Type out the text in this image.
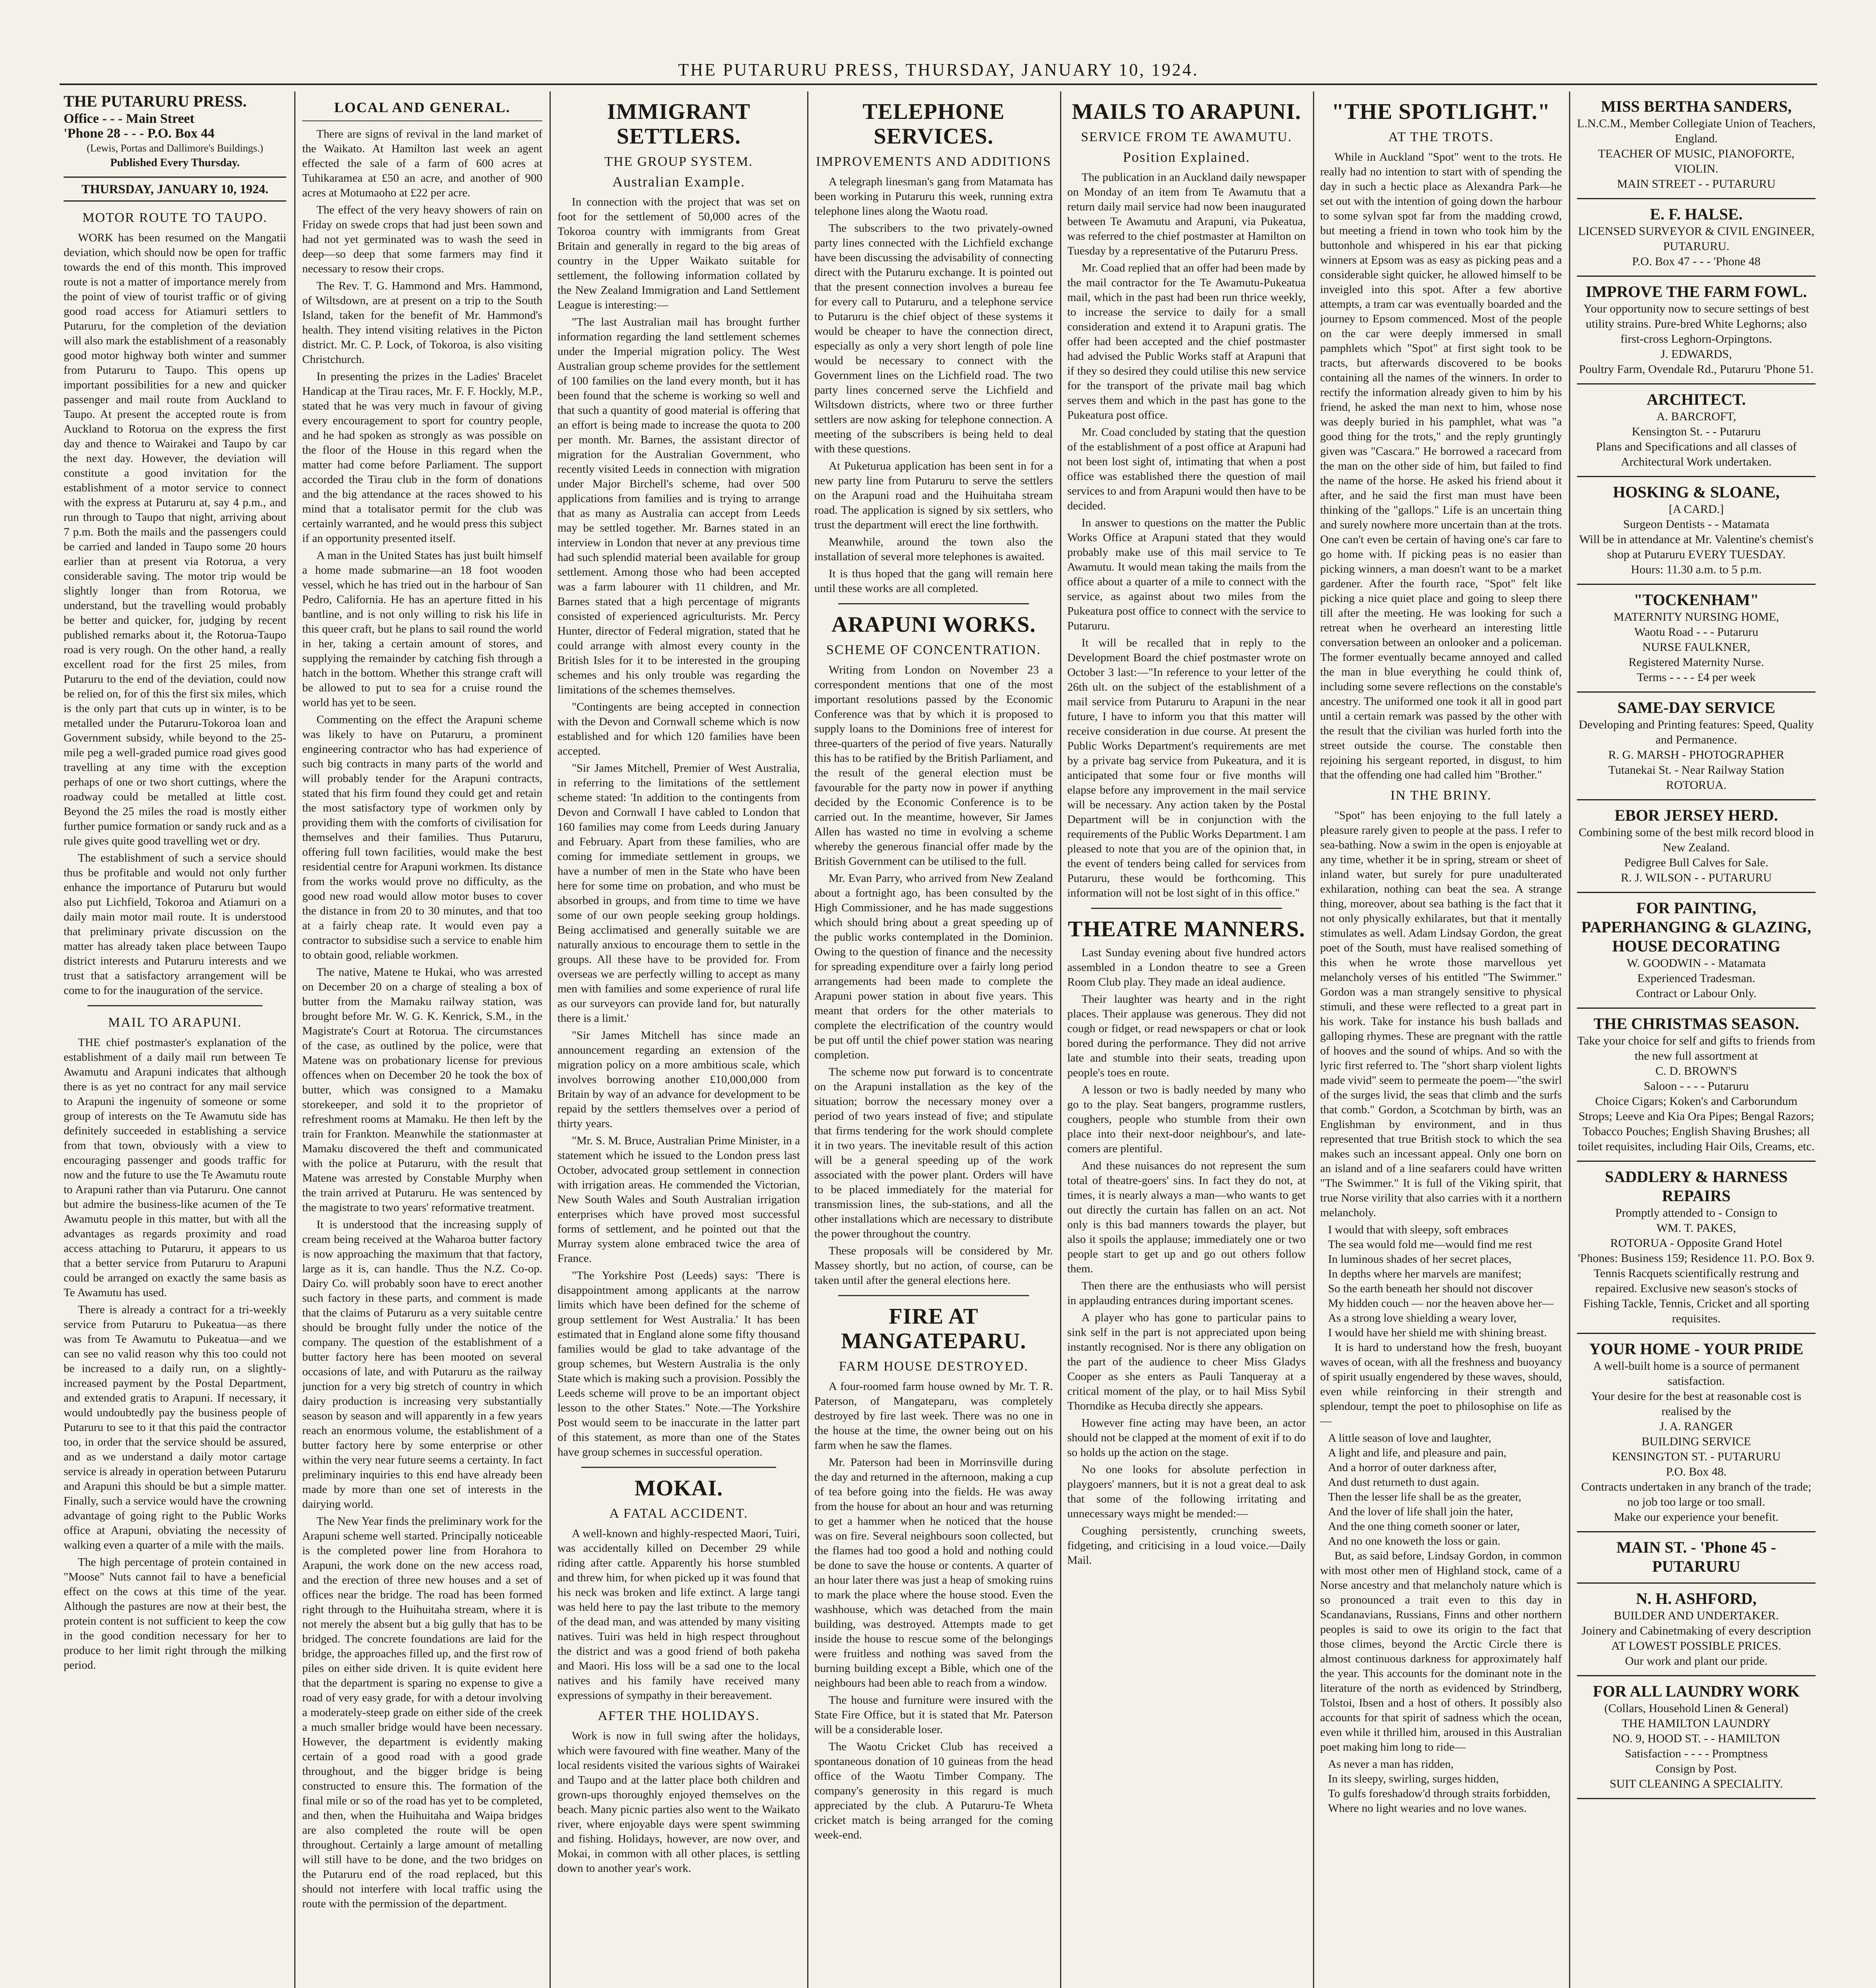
THE PUTARURU PRESS, THURSDAY, JANUARY 10, 1924.
THE PUTARURU PRESS.
Office - - - Main Street
'Phone 28 - - - P.O. Box 44
(Lewis, Portas and Dallimore's Buildings.)
Published Every Thursday.
THURSDAY, JANUARY 10, 1924.
MOTOR ROUTE TO TAUPO.

WORK has been resumed on the Mangatii deviation, which should now be open for traffic towards the end of this month. This improved route is not a matter of importance merely from the point of view of tourist traffic or of giving good road access for Atiamuri settlers to Putaruru, for the completion of the deviation will also mark the establishment of a reasonably good motor highway both winter and summer from Putaruru to Taupo. This opens up important possibilities for a new and quicker passenger and mail route from Auckland to Taupo. At present the accepted route is from Auckland to Rotorua on the express the first day and thence to Wairakei and Taupo by car the next day. However, the deviation will constitute a good invitation for the establishment of a motor service to connect with the express at Putaruru at, say 4 p.m., and run through to Taupo that night, arriving about 7 p.m. Both the mails and the passengers could be carried and landed in Taupo some 20 hours earlier than at present via Rotorua, a very considerable saving. The motor trip would be slightly longer than from Rotorua, we understand, but the travelling would probably be better and quicker, for, judging by recent published remarks about it, the Rotorua-Taupo road is very rough. On the other hand, a really excellent road for the first 25 miles, from Putaruru to the end of the deviation, could now be relied on, for of this the first six miles, which is the only part that cuts up in winter, is to be metalled under the Putaruru-Tokoroa loan and Government subsidy, while beyond to the 25-mile peg a well-graded pumice road gives good travelling at any time with the exception perhaps of one or two short cuttings, where the roadway could be metalled at little cost. Beyond the 25 miles the road is mostly either further pumice formation or sandy ruck and as a rule gives quite good travelling wet or dry.

The establishment of such a service should thus be profitable and would not only further enhance the importance of Putaruru but would also put Lichfield, Tokoroa and Atiamuri on a daily main motor mail route. It is understood that preliminary private discussion on the matter has already taken place between Taupo district interests and Putaruru interests and we trust that a satisfactory arrangement will be come to for the inauguration of the service.

MAIL TO ARAPUNI.

THE chief postmaster's explanation of the establishment of a daily mail run between Te Awamutu and Arapuni indicates that although there is as yet no contract for any mail service to Arapuni the ingenuity of someone or some group of interests on the Te Awamutu side has definitely succeeded in establishing a service from that town, obviously with a view to encouraging passenger and goods traffic for now and the future to use the Te Awamutu route to Arapuni rather than via Putaruru. One cannot but admire the business-like acumen of the Te Awamutu people in this matter, but with all the advantages as regards proximity and road access attaching to Putaruru, it appears to us that a better service from Putaruru to Arapuni could be arranged on exactly the same basis as Te Awamutu has used.

There is already a contract for a tri-weekly service from Putaruru to Pukeatua—as there was from Te Awamutu to Pukeatua—and we can see no valid reason why this too could not be increased to a daily run, on a slightly-increased payment by the Postal Department, and extended gratis to Arapuni. If necessary, it would undoubtedly pay the business people of Putaruru to see to it that this paid the contractor too, in order that the service should be assured, and as we understand a daily motor cartage service is already in operation between Putaruru and Arapuni this should be but a simple matter. Finally, such a service would have the crowning advantage of going right to the Public Works office at Arapuni, obviating the necessity of walking even a quarter of a mile with the mails.

The high percentage of protein contained in "Moose" Nuts cannot fail to have a beneficial effect on the cows at this time of the year. Although the pastures are now at their best, the protein content is not sufficient to keep the cow in the good condition necessary for her to produce to her limit right through the milking period.

LOCAL AND GENERAL.

There are signs of revival in the land market of the Waikato. At Hamilton last week an agent effected the sale of a farm of 600 acres at Tuhikaramea at £50 an acre, and another of 900 acres at Motumaoho at £22 per acre.

The effect of the very heavy showers of rain on Friday on swede crops that had just been sown and had not yet germinated was to wash the seed in deep—so deep that some farmers may find it necessary to resow their crops.

The Rev. T. G. Hammond and Mrs. Hammond, of Wiltsdown, are at present on a trip to the South Island, taken for the benefit of Mr. Hammond's health. They intend visiting relatives in the Picton district. Mr. C. P. Lock, of Tokoroa, is also visiting Christchurch.

In presenting the prizes in the Ladies' Bracelet Handicap at the Tirau races, Mr. F. F. Hockly, M.P., stated that he was very much in favour of giving every encouragement to sport for country people, and he had spoken as strongly as was possible on the floor of the House in this regard when the matter had come before Parliament. The support accorded the Tirau club in the form of donations and the big attendance at the races showed to his mind that a totalisator permit for the club was certainly warranted, and he would press this subject if an opportunity presented itself.

A man in the United States has just built himself a home made submarine—an 18 foot wooden vessel, which he has tried out in the harbour of San Pedro, California. He has an aperture fitted in his bantline, and is not only willing to risk his life in this queer craft, but he plans to sail round the world in her, taking a certain amount of stores, and supplying the remainder by catching fish through a hatch in the bottom. Whether this strange craft will be allowed to put to sea for a cruise round the world has yet to be seen.

Commenting on the effect the Arapuni scheme was likely to have on Putaruru, a prominent engineering contractor who has had experience of such big contracts in many parts of the world and will probably tender for the Arapuni contracts, stated that his firm found they could get and retain the most satisfactory type of workmen only by providing them with the comforts of civilisation for themselves and their families. Thus Putaruru, offering full town facilities, would make the best residential centre for Arapuni workmen. Its distance from the works would prove no difficulty, as the good new road would allow motor buses to cover the distance in from 20 to 30 minutes, and that too at a fairly cheap rate. It would even pay a contractor to subsidise such a service to enable him to obtain good, reliable workmen.

The native, Matene te Hukai, who was arrested on December 20 on a charge of stealing a box of butter from the Mamaku railway station, was brought before Mr. W. G. K. Kenrick, S.M., in the Magistrate's Court at Rotorua. The circumstances of the case, as outlined by the police, were that Matene was on probationary license for previous offences when on December 20 he took the box of butter, which was consigned to a Mamaku storekeeper, and sold it to the proprietor of refreshment rooms at Mamaku. He then left by the train for Frankton. Meanwhile the stationmaster at Mamaku discovered the theft and communicated with the police at Putaruru, with the result that Matene was arrested by Constable Murphy when the train arrived at Putaruru. He was sentenced by the magistrate to two years' reformative treatment.

It is understood that the increasing supply of cream being received at the Waharoa butter factory is now approaching the maximum that that factory, large as it is, can handle. Thus the N.Z. Co-op. Dairy Co. will probably soon have to erect another such factory in these parts, and comment is made that the claims of Putaruru as a very suitable centre should be brought fully under the notice of the company. The question of the establishment of a butter factory here has been mooted on several occasions of late, and with Putaruru as the railway junction for a very big stretch of country in which dairy production is increasing very substantially season by season and will apparently in a few years reach an enormous volume, the establishment of a butter factory here by some enterprise or other within the very near future seems a certainty. In fact preliminary inquiries to this end have already been made by more than one set of interests in the dairying world.

The New Year finds the preliminary work for the Arapuni scheme well started. Principally noticeable is the completed power line from Horahora to Arapuni, the work done on the new access road, and the erection of three new houses and a set of offices near the bridge. The road has been formed right through to the Huihuitaha stream, where it is not merely the absent but a big gully that has to be bridged. The concrete foundations are laid for the bridge, the approaches filled up, and the first row of piles on either side driven. It is quite evident here that the department is sparing no expense to give a road of very easy grade, for with a detour involving a moderately-steep grade on either side of the creek a much smaller bridge would have been necessary. However, the department is evidently making certain of a good road with a good grade throughout, and the bigger bridge is being constructed to ensure this. The formation of the final mile or so of the road has yet to be completed, and then, when the Huihuitaha and Waipa bridges are also completed the route will be open throughout. Certainly a large amount of metalling will still have to be done, and the two bridges on the Putaruru end of the road replaced, but this should not interfere with local traffic using the route with the permission of the department.

IMMIGRANT SETTLERS.
THE GROUP SYSTEM.
Australian Example.

In connection with the project that was set on foot for the settlement of 50,000 acres of the Tokoroa country with immigrants from Great Britain and generally in regard to the big areas of country in the Upper Waikato suitable for settlement, the following information collated by the New Zealand Immigration and Land Settlement League is interesting:—

"The last Australian mail has brought further information regarding the land settlement schemes under the Imperial migration policy. The West Australian group scheme provides for the settlement of 100 families on the land every month, but it has been found that the scheme is working so well and that such a quantity of good material is offering that an effort is being made to increase the quota to 200 per month. Mr. Barnes, the assistant director of migration for the Australian Government, who recently visited Leeds in connection with migration under Major Birchell's scheme, had over 500 applications from families and is trying to arrange that as many as Australia can accept from Leeds may be settled together. Mr. Barnes stated in an interview in London that never at any previous time had such splendid material been available for group settlement. Among those who had been accepted was a farm labourer with 11 children, and Mr. Barnes stated that a high percentage of migrants consisted of experienced agriculturists. Mr. Percy Hunter, director of Federal migration, stated that he could arrange with almost every county in the British Isles for it to be interested in the grouping schemes and his only trouble was regarding the limitations of the schemes themselves.

"Contingents are being accepted in connection with the Devon and Cornwall scheme which is now established and for which 120 families have been accepted.

"Sir James Mitchell, Premier of West Australia, in referring to the limitations of the settlement scheme stated: 'In addition to the contingents from Devon and Cornwall I have cabled to London that 160 families may come from Leeds during January and February. Apart from these families, who are coming for immediate settlement in groups, we have a number of men in the State who have been here for some time on probation, and who must be absorbed in groups, and from time to time we have some of our own people seeking group holdings. Being acclimatised and generally suitable we are naturally anxious to encourage them to settle in the groups. All these have to be provided for. From overseas we are perfectly willing to accept as many men with families and some experience of rural life as our surveyors can provide land for, but naturally there is a limit.'

"Sir James Mitchell has since made an announcement regarding an extension of the migration policy on a more ambitious scale, which involves borrowing another £10,000,000 from Britain by way of an advance for development to be repaid by the settlers themselves over a period of thirty years.

"Mr. S. M. Bruce, Australian Prime Minister, in a statement which he issued to the London press last October, advocated group settlement in connection with irrigation areas. He commended the Victorian, New South Wales and South Australian irrigation enterprises which have proved most successful forms of settlement, and he pointed out that the Murray system alone embraced twice the area of France.

"The Yorkshire Post (Leeds) says: 'There is disappointment among applicants at the narrow limits which have been defined for the scheme of group settlement for West Australia.' It has been estimated that in England alone some fifty thousand families would be glad to take advantage of the group schemes, but Western Australia is the only State which is making such a provision. Possibly the Leeds scheme will prove to be an important object lesson to the other States." Note.—The Yorkshire Post would seem to be inaccurate in the latter part of this statement, as more than one of the States have group schemes in successful operation.

MOKAI.
A FATAL ACCIDENT.

A well-known and highly-respected Maori, Tuiri, was accidentally killed on December 29 while riding after cattle. Apparently his horse stumbled and threw him, for when picked up it was found that his neck was broken and life extinct. A large tangi was held here to pay the last tribute to the memory of the dead man, and was attended by many visiting natives. Tuiri was held in high respect throughout the district and was a good friend of both pakeha and Maori. His loss will be a sad one to the local natives and his family have received many expressions of sympathy in their bereavement.

AFTER THE HOLIDAYS.

Work is now in full swing after the holidays, which were favoured with fine weather. Many of the local residents visited the various sights of Wairakei and Taupo and at the latter place both children and grown-ups thoroughly enjoyed themselves on the beach. Many picnic parties also went to the Waikato river, where enjoyable days were spent swimming and fishing. Holidays, however, are now over, and Mokai, in common with all other places, is settling down to another year's work.

TELEPHONE SERVICES.
IMPROVEMENTS AND ADDITIONS

A telegraph linesman's gang from Matamata has been working in Putaruru this week, running extra telephone lines along the Waotu road.

The subscribers to the two privately-owned party lines connected with the Lichfield exchange have been discussing the advisability of connecting direct with the Putaruru exchange. It is pointed out that the present connection involves a bureau fee for every call to Putaruru, and a telephone service to Putaruru is the chief object of these systems it would be cheaper to have the connection direct, especially as only a very short length of pole line would be necessary to connect with the Government lines on the Lichfield road. The two party lines concerned serve the Lichfield and Wiltsdown districts, where two or three further settlers are now asking for telephone connection. A meeting of the subscribers is being held to deal with these questions.

At Puketurua application has been sent in for a new party line from Putaruru to serve the settlers on the Arapuni road and the Huihuitaha stream road. The application is signed by six settlers, who trust the department will erect the line forthwith.

Meanwhile, around the town also the installation of several more telephones is awaited.

It is thus hoped that the gang will remain here until these works are all completed.

ARAPUNI WORKS.
SCHEME OF CONCENTRATION.

Writing from London on November 23 a correspondent mentions that one of the most important resolutions passed by the Economic Conference was that by which it is proposed to supply loans to the Dominions free of interest for three-quarters of the period of five years. Naturally this has to be ratified by the British Parliament, and the result of the general election must be favourable for the party now in power if anything decided by the Economic Conference is to be carried out. In the meantime, however, Sir James Allen has wasted no time in evolving a scheme whereby the generous financial offer made by the British Government can be utilised to the full.

Mr. Evan Parry, who arrived from New Zealand about a fortnight ago, has been consulted by the High Commissioner, and he has made suggestions which should bring about a great speeding up of the public works contemplated in the Dominion. Owing to the question of finance and the necessity for spreading expenditure over a fairly long period arrangements had been made to complete the Arapuni power station in about five years. This meant that orders for the other materials to complete the electrification of the country would be put off until the chief power station was nearing completion.

The scheme now put forward is to concentrate on the Arapuni installation as the key of the situation; borrow the necessary money over a period of two years instead of five; and stipulate that firms tendering for the work should complete it in two years. The inevitable result of this action will be a general speeding up of the work associated with the power plant. Orders will have to be placed immediately for the material for transmission lines, the sub-stations, and all the other installations which are necessary to distribute the power throughout the country.

These proposals will be considered by Mr. Massey shortly, but no action, of course, can be taken until after the general elections here.

FIRE AT MANGATEPARU.
FARM HOUSE DESTROYED.

A four-roomed farm house owned by Mr. T. R. Paterson, of Mangateparu, was completely destroyed by fire last week. There was no one in the house at the time, the owner being out on his farm when he saw the flames.

Mr. Paterson had been in Morrinsville during the day and returned in the afternoon, making a cup of tea before going into the fields. He was away from the house for about an hour and was returning to get a hammer when he noticed that the house was on fire. Several neighbours soon collected, but the flames had too good a hold and nothing could be done to save the house or contents. A quarter of an hour later there was just a heap of smoking ruins to mark the place where the house stood. Even the washhouse, which was detached from the main building, was destroyed. Attempts made to get inside the house to rescue some of the belongings were fruitless and nothing was saved from the burning building except a Bible, which one of the neighbours had been able to reach from a window.

The house and furniture were insured with the State Fire Office, but it is stated that Mr. Paterson will be a considerable loser.

The Waotu Cricket Club has received a spontaneous donation of 10 guineas from the head office of the Waotu Timber Company. The company's generosity in this regard is much appreciated by the club. A Putaruru-Te Wheta cricket match is being arranged for the coming week-end.

MAILS TO ARAPUNI.
SERVICE FROM TE AWAMUTU.
Position Explained.

The publication in an Auckland daily newspaper on Monday of an item from Te Awamutu that a return daily mail service had now been inaugurated between Te Awamutu and Arapuni, via Pukeatua, was referred to the chief postmaster at Hamilton on Tuesday by a representative of the Putaruru Press.

Mr. Coad replied that an offer had been made by the mail contractor for the Te Awamutu-Pukeatua mail, which in the past had been run thrice weekly, to increase the service to daily for a small consideration and extend it to Arapuni gratis. The offer had been accepted and the chief postmaster had advised the Public Works staff at Arapuni that if they so desired they could utilise this new service for the transport of the private mail bag which serves them and which in the past has gone to the Pukeatura post office.

Mr. Coad concluded by stating that the question of the establishment of a post office at Arapuni had not been lost sight of, intimating that when a post office was established there the question of mail services to and from Arapuni would then have to be decided.

In answer to questions on the matter the Public Works Office at Arapuni stated that they would probably make use of this mail service to Te Awamutu. It would mean taking the mails from the office about a quarter of a mile to connect with the service, as against about two miles from the Pukeatura post office to connect with the service to Putaruru.

It will be recalled that in reply to the Development Board the chief postmaster wrote on October 3 last:—"In reference to your letter of the 26th ult. on the subject of the establishment of a mail service from Putaruru to Arapuni in the near future, I have to inform you that this matter will receive consideration in due course. At present the Public Works Department's requirements are met by a private bag service from Pukeatura, and it is anticipated that some four or five months will elapse before any improvement in the mail service will be necessary. Any action taken by the Postal Department will be in conjunction with the requirements of the Public Works Department. I am pleased to note that you are of the opinion that, in the event of tenders being called for services from Putaruru, these would be forthcoming. This information will not be lost sight of in this office."

THEATRE MANNERS.

Last Sunday evening about five hundred actors assembled in a London theatre to see a Green Room Club play. They made an ideal audience.

Their laughter was hearty and in the right places. Their applause was generous. They did not cough or fidget, or read newspapers or chat or look bored during the performance. They did not arrive late and stumble into their seats, treading upon people's toes en route.

A lesson or two is badly needed by many who go to the play. Seat bangers, programme rustlers, coughers, people who stumble from their own place into their next-door neighbour's, and late-comers are plentiful.

And these nuisances do not represent the sum total of theatre-goers' sins. In fact they do not, at times, it is nearly always a man—who wants to get out directly the curtain has fallen on an act. Not only is this bad manners towards the player, but also it spoils the applause; immediately one or two people start to get up and go out others follow them.

Then there are the enthusiasts who will persist in applauding entrances during important scenes.

A player who has gone to particular pains to sink self in the part is not appreciated upon being instantly recognised. Nor is there any obligation on the part of the audience to cheer Miss Gladys Cooper as she enters as Pauli Tanqueray at a critical moment of the play, or to hail Miss Sybil Thorndike as Hecuba directly she appears.

However fine acting may have been, an actor should not be clapped at the moment of exit if to do so holds up the action on the stage.

No one looks for absolute perfection in playgoers' manners, but it is not a great deal to ask that some of the following irritating and unnecessary ways might be mended:—

Coughing persistently, crunching sweets, fidgeting, and criticising in a loud voice.—Daily Mail.

"THE SPOTLIGHT."
AT THE TROTS.

While in Auckland "Spot" went to the trots. He really had no intention to start with of spending the day in such a hectic place as Alexandra Park—he set out with the intention of going down the harbour to some sylvan spot far from the madding crowd, but meeting a friend in town who took him by the buttonhole and whispered in his ear that picking winners at Epsom was as easy as picking peas and a considerable sight quicker, he allowed himself to be inveigled into this spot. After a few abortive attempts, a tram car was eventually boarded and the journey to Epsom commenced. Most of the people on the car were deeply immersed in small pamphlets which "Spot" at first sight took to be tracts, but afterwards discovered to be books containing all the names of the winners. In order to rectify the information already given to him by his friend, he asked the man next to him, whose nose was deeply buried in his pamphlet, what was "a good thing for the trots," and the reply gruntingly given was "Cascara." He borrowed a racecard from the man on the other side of him, but failed to find the name of the horse. He asked his friend about it after, and he said the first man must have been thinking of the "gallops." Life is an uncertain thing and surely nowhere more uncertain than at the trots. One can't even be certain of having one's car fare to go home with. If picking peas is no easier than picking winners, a man doesn't want to be a market gardener. After the fourth race, "Spot" felt like picking a nice quiet place and going to sleep there till after the meeting. He was looking for such a retreat when he overheard an interesting little conversation between an onlooker and a policeman. The former eventually became annoyed and called the man in blue everything he could think of, including some severe reflections on the constable's ancestry. The uniformed one took it all in good part until a certain remark was passed by the other with the result that the civilian was hurled forth into the street outside the course. The constable then rejoining his sergeant reported, in disgust, to him that the offending one had called him "Brother."

IN THE BRINY.

"Spot" has been enjoying to the full lately a pleasure rarely given to people at the pass. I refer to sea-bathing. Now a swim in the open is enjoyable at any time, whether it be in spring, stream or sheet of inland water, but surely for pure unadulterated exhilaration, nothing can beat the sea. A strange thing, moreover, about sea bathing is the fact that it not only physically exhilarates, but that it mentally stimulates as well. Adam Lindsay Gordon, the great poet of the South, must have realised something of this when he wrote those marvellous yet melancholy verses of his entitled "The Swimmer." Gordon was a man strangely sensitive to physical stimuli, and these were reflected to a great part in his work. Take for instance his bush ballads and galloping rhymes. These are pregnant with the rattle of hooves and the sound of whips. And so with the lyric first referred to. The "short sharp violent lights made vivid" seem to permeate the poem—"the swirl of the surges livid, the seas that climb and the surfs that comb." Gordon, a Scotchman by birth, was an Englishman by environment, and in thus represented that true British stock to which the sea makes such an incessant appeal. Only one born on an island and of a line seafarers could have written "The Swimmer." It is full of the Viking spirit, that true Norse virility that also carries with it a northern melancholy.

I would that with sleepy, soft embraces

The sea would fold me—would find me rest

In luminous shades of her secret places,

In depths where her marvels are manifest;

So the earth beneath her should not discover

My hidden couch — nor the heaven above her—

As a strong love shielding a weary lover,

I would have her shield me with shining breast.

It is hard to understand how the fresh, buoyant waves of ocean, with all the freshness and buoyancy of spirit usually engendered by these waves, should, even while reinforcing in their strength and splendour, tempt the poet to philosophise on life as—

A little season of love and laughter,

A light and life, and pleasure and pain,

And a horror of outer darkness after,

And dust returneth to dust again.

Then the lesser life shall be as the greater,

And the lover of life shall join the hater,

And the one thing cometh sooner or later,

And no one knoweth the loss or gain.

But, as said before, Lindsay Gordon, in common with most other men of Highland stock, came of a Norse ancestry and that melancholy nature which is so pronounced a trait even to this day in Scandanavians, Russians, Finns and other northern peoples is said to owe its origin to the fact that those climes, beyond the Arctic Circle there is almost continuous darkness for approximately half the year. This accounts for the dominant note in the literature of the north as evidenced by Strindberg, Tolstoi, Ibsen and a host of others. It possibly also accounts for that spirit of sadness which the ocean, even while it thrilled him, aroused in this Australian poet making him long to ride—

As never a man has ridden,

In its sleepy, swirling, surges hidden,

To gulfs foreshadow'd through straits forbidden,

Where no light wearies and no love wanes.

MISS BERTHA SANDERS,
L.N.C.M., Member Collegiate Union of Teachers, England.
TEACHER OF MUSIC, PIANOFORTE, VIOLIN.
MAIN STREET - - PUTARURU
E. F. HALSE.
LICENSED SURVEYOR & CIVIL ENGINEER,
PUTARURU.
P.O. Box 47 - - - 'Phone 48
IMPROVE THE FARM FOWL.
Your opportunity now to secure settings of best utility strains. Pure-bred White Leghorns; also first-cross Leghorn-Orpingtons.
J. EDWARDS,
Poultry Farm, Ovendale Rd., Putaruru 'Phone 51.
ARCHITECT.
A. BARCROFT,
Kensington St. - - Putaruru
Plans and Specifications and all classes of Architectural Work undertaken.
HOSKING & SLOANE,
[A CARD.]
Surgeon Dentists - - Matamata
Will be in attendance at Mr. Valentine's chemist's shop at Putaruru EVERY TUESDAY.
Hours: 11.30 a.m. to 5 p.m.
"TOCKENHAM"
MATERNITY NURSING HOME,
Waotu Road - - - Putaruru
NURSE FAULKNER,
Registered Maternity Nurse.
Terms - - - - £4 per week
SAME-DAY SERVICE
Developing and Printing features: Speed, Quality and Permanence.
R. G. MARSH - PHOTOGRAPHER
Tutanekai St. - Near Railway Station
ROTORUA.
EBOR JERSEY HERD.
Combining some of the best milk record blood in New Zealand.
Pedigree Bull Calves for Sale.
R. J. WILSON - - PUTARURU
FOR PAINTING, PAPERHANGING & GLAZING, HOUSE DECORATING
W. GOODWIN - - Matamata
Experienced Tradesman.
Contract or Labour Only.
THE CHRISTMAS SEASON.
Take your choice for self and gifts to friends from the new full assortment at
C. D. BROWN'S
Saloon - - - - Putaruru
Choice Cigars; Koken's and Carborundum Strops; Leeve and Kia Ora Pipes; Bengal Razors; Tobacco Pouches; English Shaving Brushes; all toilet requisites, including Hair Oils, Creams, etc.
SADDLERY & HARNESS REPAIRS
Promptly attended to - Consign to
WM. T. PAKES,
ROTORUA - Opposite Grand Hotel
'Phones: Business 159; Residence 11. P.O. Box 9.
Tennis Racquets scientifically restrung and repaired. Exclusive new season's stocks of Fishing Tackle, Tennis, Cricket and all sporting requisites.
YOUR HOME - YOUR PRIDE
A well-built home is a source of permanent satisfaction.
Your desire for the best at reasonable cost is realised by the
J. A. RANGER
BUILDING SERVICE
KENSINGTON ST. - PUTARURU
P.O. Box 48.
Contracts undertaken in any branch of the trade; no job too large or too small.
Make our experience your benefit.
MAIN ST. - 'Phone 45 - PUTARURU
N. H. ASHFORD,
BUILDER AND UNDERTAKER.
Joinery and Cabinetmaking of every description
AT LOWEST POSSIBLE PRICES.
Our work and plant our pride.
FOR ALL LAUNDRY WORK
(Collars, Household Linen & General)
THE HAMILTON LAUNDRY
NO. 9, HOOD ST. - - HAMILTON
Satisfaction - - - - Promptness
Consign by Post.
SUIT CLEANING A SPECIALITY.
